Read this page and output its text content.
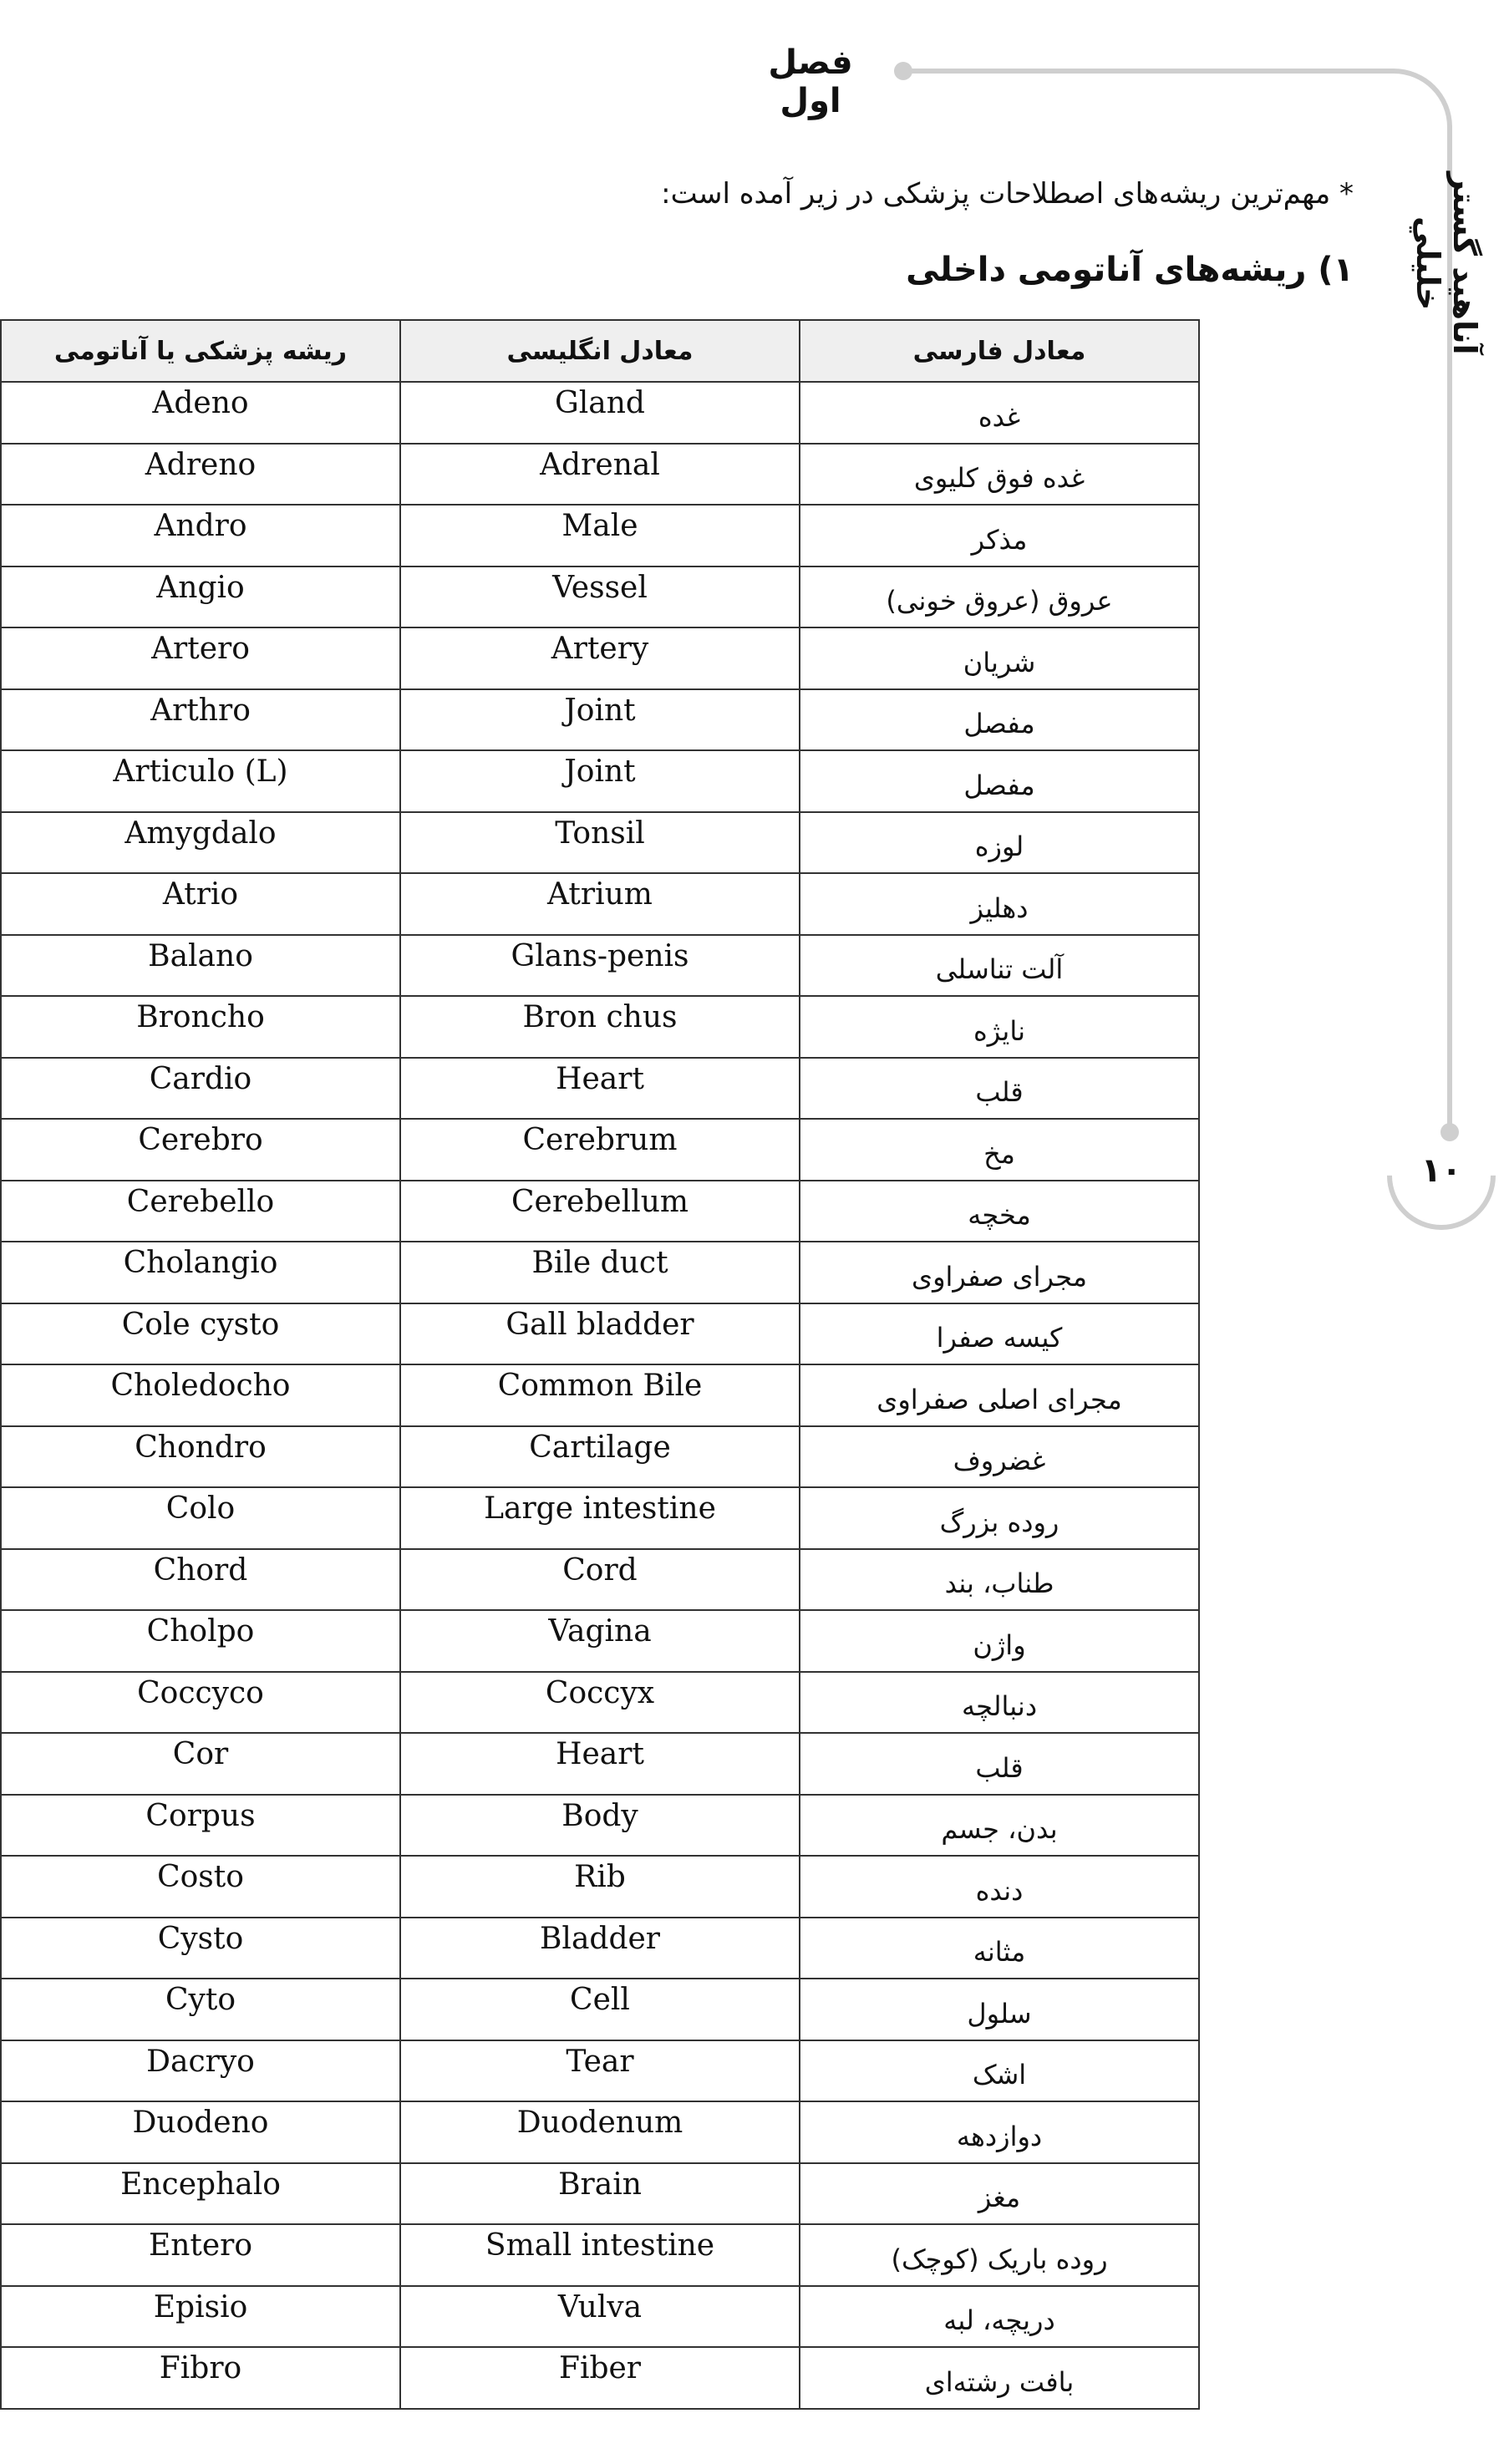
فصل اول
آناهيد گستر خليلي
۱۰
* مهم‌ترین ریشه‌های اصطلاحات پزشکی در زیر آمده است:
۱) ریشه‌های آناتومی داخلی
ریشه پزشکی یا آناتومی	معادل انگلیسی	معادل فارسی
Adeno	Gland	غده
Adreno	Adrenal	غده فوق کلیوی
Andro	Male	مذکر
Angio	Vessel	عروق (عروق خونی)
Artero	Artery	شریان
Arthro	Joint	مفصل
Articulo (L)	Joint	مفصل
Amygdalo	Tonsil	لوزه
Atrio	Atrium	دهلیز
Balano	Glans-penis	آلت تناسلی
Broncho	Bron chus	نایژه
Cardio	Heart	قلب
Cerebro	Cerebrum	مخ
Cerebello	Cerebellum	مخچه
Cholangio	Bile duct	مجرای صفراوی
Cole cysto	Gall bladder	کیسه صفرا
Choledocho	Common Bile	مجرای اصلی صفراوی
Chondro	Cartilage	غضروف
Colo	Large intestine	روده بزرگ
Chord	Cord	طناب، بند
Cholpo	Vagina	واژن
Coccyco	Coccyx	دنبالچه
Cor	Heart	قلب
Corpus	Body	بدن، جسم
Costo	Rib	دنده
Cysto	Bladder	مثانه
Cyto	Cell	سلول
Dacryo	Tear	اشک
Duodeno	Duodenum	دوازدهه
Encephalo	Brain	مغز
Entero	Small intestine	روده باریک (کوچک)
Episio	Vulva	دریچه، لبه
Fibro	Fiber	بافت رشته‌ای
